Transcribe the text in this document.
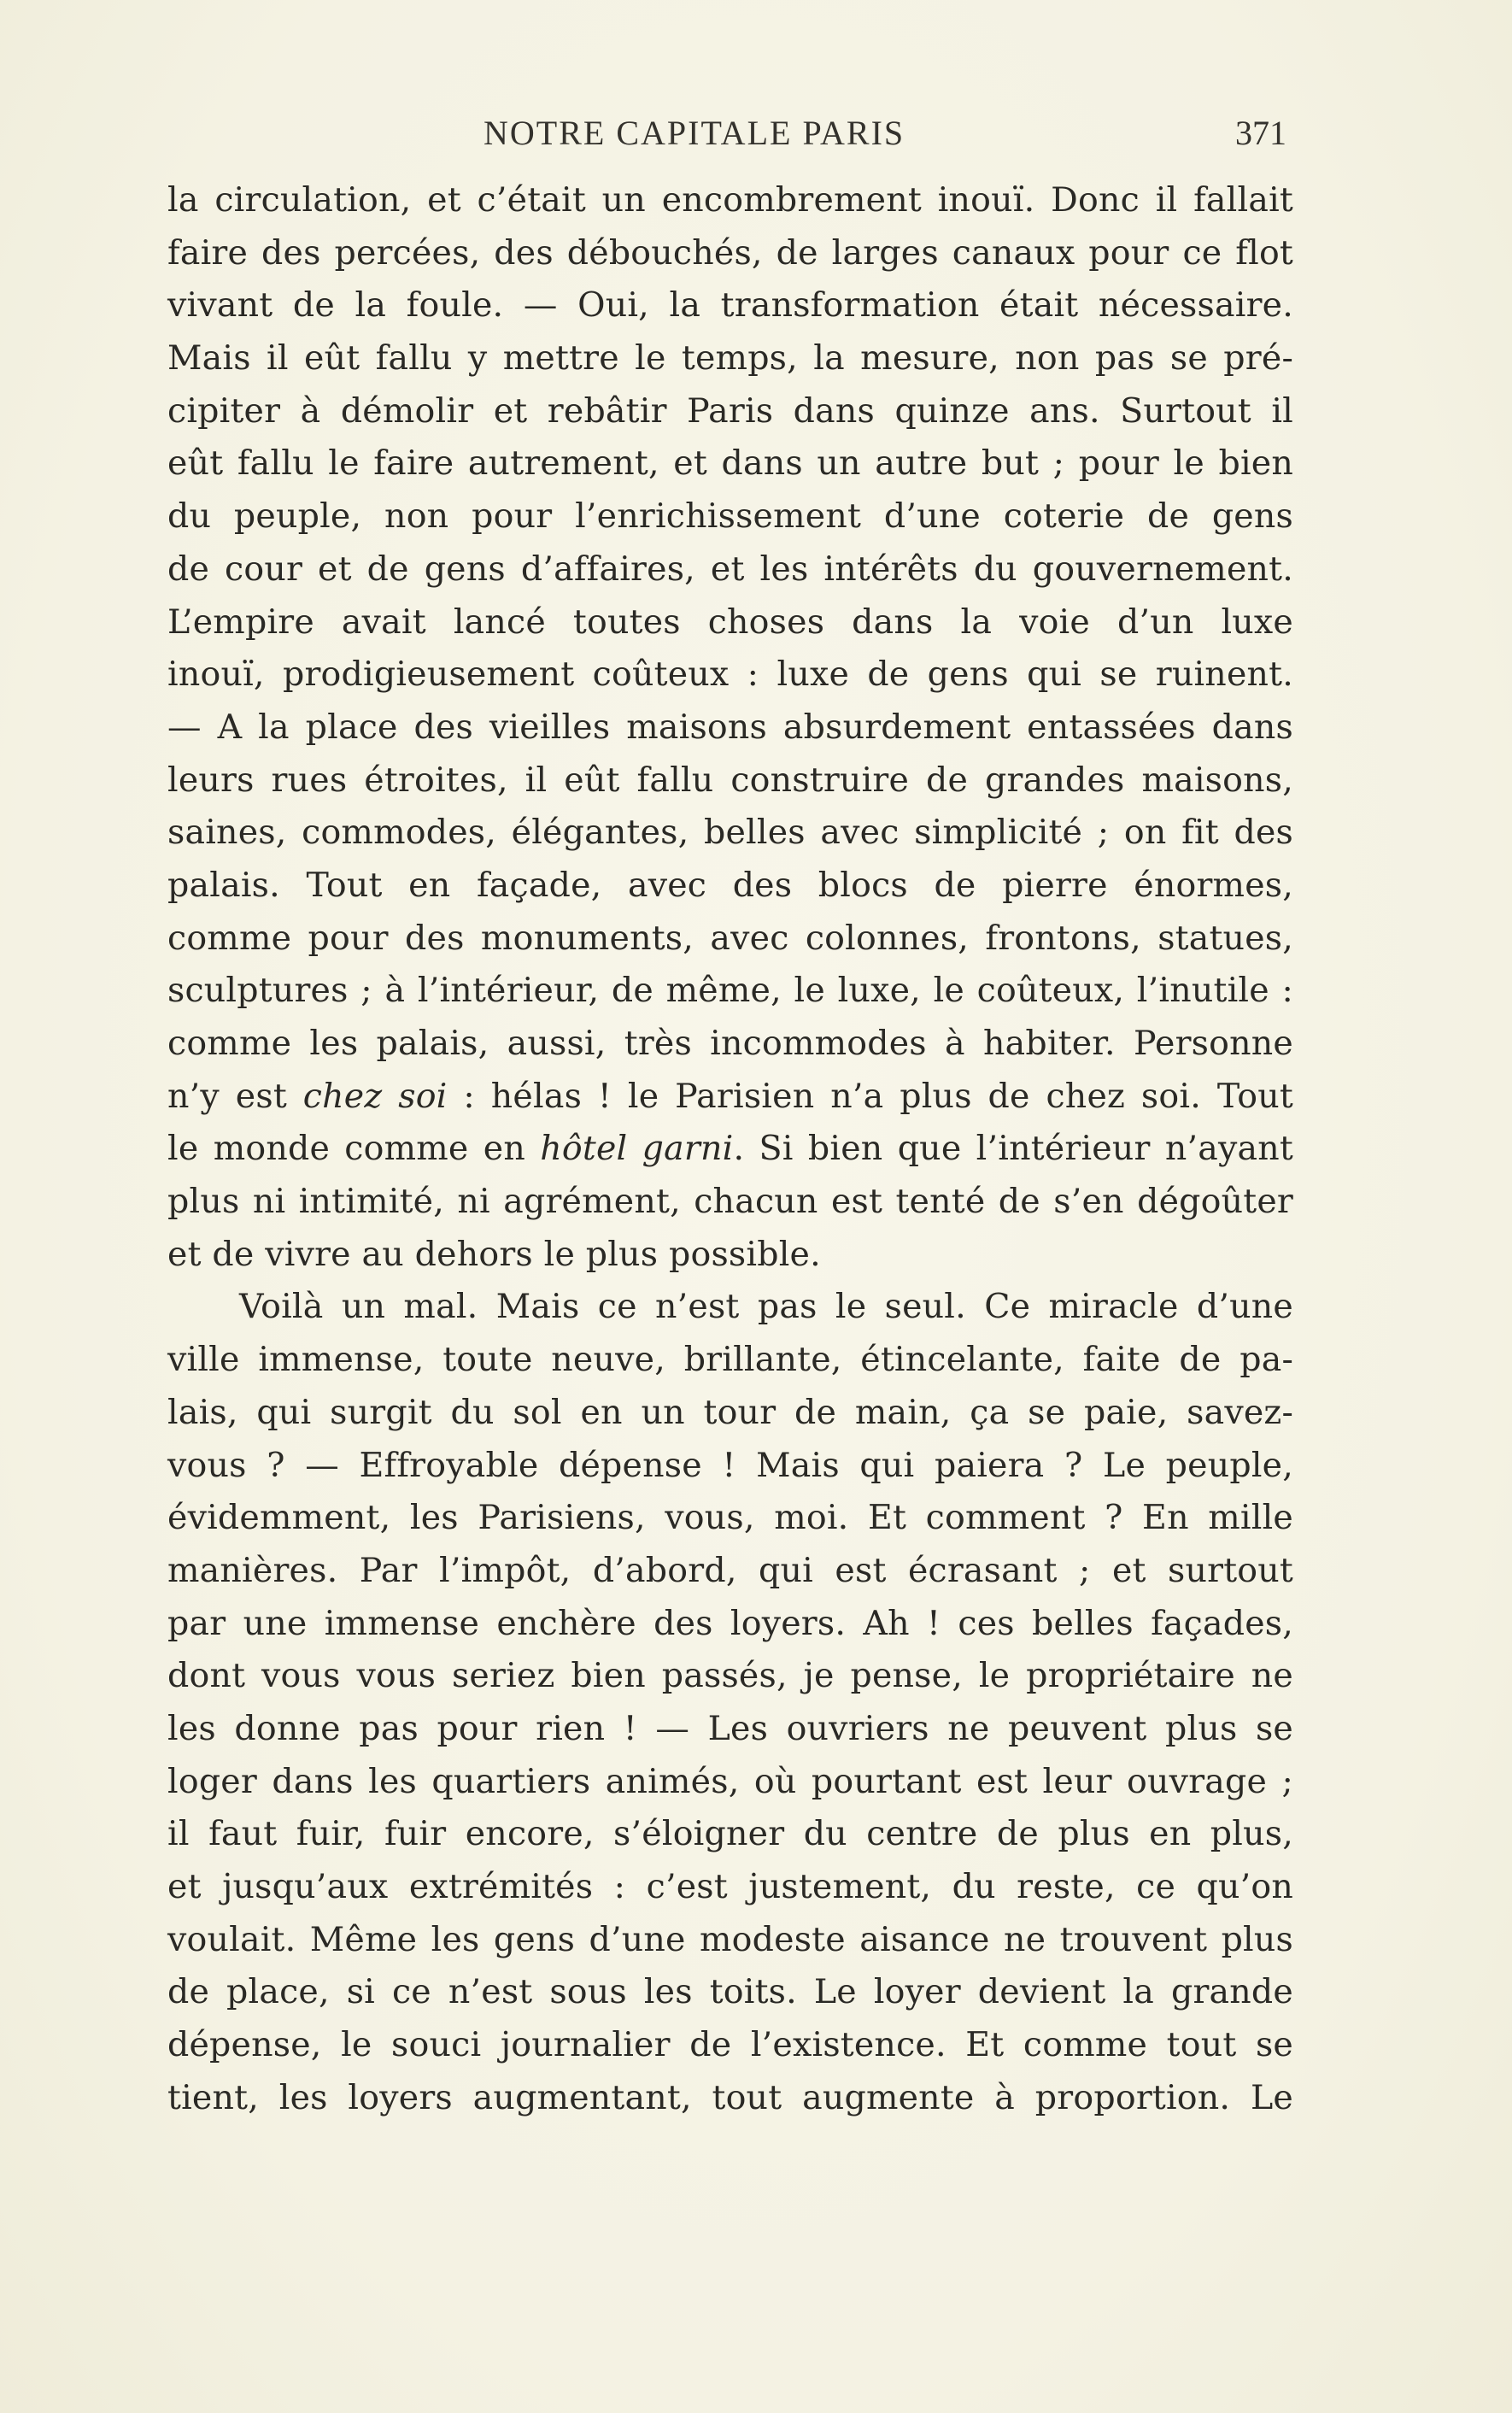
NOTRE CAPITALE PARIS	371
la circulation, et c’était un encombrement inouï. Donc il fallait
faire des percées, des débouchés, de larges canaux pour ce flot
vivant de la foule. — Oui, la transformation était nécessaire.
Mais il eût fallu y mettre le temps, la mesure, non pas se pré-
cipiter à démolir et rebâtir Paris dans quinze ans. Surtout il
eût fallu le faire autrement, et dans un autre but ; pour le bien
du peuple, non pour l’enrichissement d’une coterie de gens
de cour et de gens d’affaires, et les intérêts du gouvernement.
L’empire avait lancé toutes choses dans la voie d’un luxe
inouï, prodigieusement coûteux : luxe de gens qui se ruinent.
— A la place des vieilles maisons absurdement entassées dans
leurs rues étroites, il eût fallu construire de grandes maisons,
saines, commodes, élégantes, belles avec simplicité ; on fit des
palais. Tout en façade, avec des blocs de pierre énormes,
comme pour des monuments, avec colonnes, frontons, statues,
sculptures ; à l’intérieur, de même, le luxe, le coûteux, l’inutile :
comme les palais, aussi, très incommodes à habiter. Personne
n’y est chez soi : hélas ! le Parisien n’a plus de chez soi. Tout
le monde comme en hôtel garni. Si bien que l’intérieur n’ayant
plus ni intimité, ni agrément, chacun est tenté de s’en dégoûter
et de vivre au dehors le plus possible.
Voilà un mal. Mais ce n’est pas le seul. Ce miracle d’une
ville immense, toute neuve, brillante, étincelante, faite de pa-
lais, qui surgit du sol en un tour de main, ça se paie, savez-
vous ? — Effroyable dépense ! Mais qui paiera ? Le peuple,
évidemment, les Parisiens, vous, moi. Et comment ? En mille
manières. Par l’impôt, d’abord, qui est écrasant ; et surtout
par une immense enchère des loyers. Ah ! ces belles façades,
dont vous vous seriez bien passés, je pense, le propriétaire ne
les donne pas pour rien ! — Les ouvriers ne peuvent plus se
loger dans les quartiers animés, où pourtant est leur ouvrage ;
il faut fuir, fuir encore, s’éloigner du centre de plus en plus,
et jusqu’aux extrémités : c’est justement, du reste, ce qu’on
voulait. Même les gens d’une modeste aisance ne trouvent plus
de place, si ce n’est sous les toits. Le loyer devient la grande
dépense, le souci journalier de l’existence. Et comme tout se
tient, les loyers augmentant, tout augmente à proportion. Le
